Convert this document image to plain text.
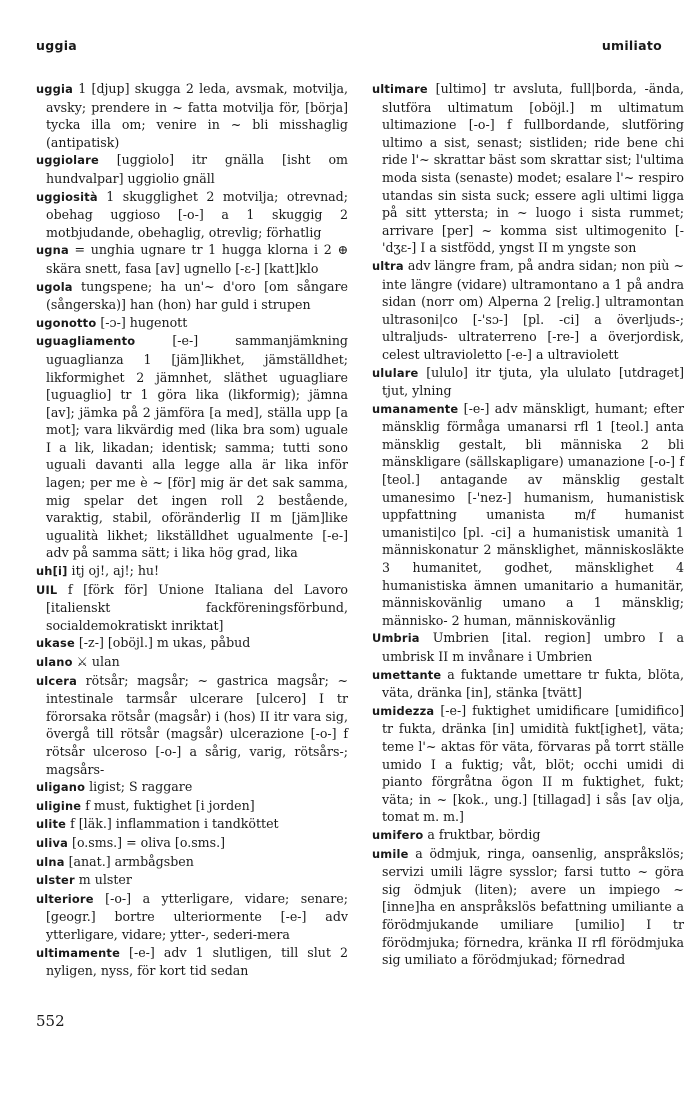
uggia	umiliato
uggia 1 [djup] skugga 2 leda, avsmak, motvilja, avsky; prendere in ~ fatta motvilja för, [börja] tycka illa om; venire in ~ bli misshaglig (antipatisk)
uggiolare [uggiolo] itr gnälla [isht om hundvalpar] uggiolio gnäll
uggiosità 1 skugglighet 2 motvilja; otrevnad; obehag uggioso [-o-] a 1 skuggig 2 motbjudande, obehaglig, otrevlig; förhatlig
ugna = unghia ugnare tr 1 hugga klorna i 2 ⊕ skära snett, fasa [av] ugnello [-ɛ-] [katt]klo
ugola tungspene; ha un'~ d'oro [om sångare (sångerska)] han (hon) har guld i strupen
ugonotto [-ɔ-] hugenott
uguagliamento [-e-] sammanjämkning uguaglianza 1 [jäm]likhet, jämställdhet; likformighet 2 jämnhet, släthet uguagliare [uguaglio] tr 1 göra lika (likformig); jämna [av]; jämka på 2 jämföra [a med], ställa upp [a mot]; vara likvärdig med (lika bra som) uguale I a lik, likadan; identisk; samma; tutti sono uguali davanti alla legge alla är lika inför lagen; per me è ~ [för] mig är det sak samma, mig spelar det ingen roll 2 bestående, varaktig, stabil, oföränderlig II m [jäm]like ugualità likhet; likställdhet ugualmente [-e-] adv på samma sätt; i lika hög grad, lika
uh[i] itj oj!, aj!; hu!
UIL f [förk för] Unione Italiana del Lavoro [italienskt fackföreningsförbund, socialdemokratiskt inriktat]
ukase [-z-] [oböjl.] m ukas, påbud
ulano ⚔ ulan
ulcera rötsår; magsår; ~ gastrica magsår; ~ intestinale tarmsår ulcerare [ulcero] I tr förorsaka rötsår (magsår) i (hos) II itr vara sig, övergå till rötsår (magsår) ulcerazione [-o-] f rötsår ulceroso [-o-] a sårig, varig, rötsårs-; magsårs-
uligano ligist; S raggare
uligine f must, fuktighet [i jorden]
ulite f [läk.] inflammation i tandköttet
uliva [o.sms.] = oliva [o.sms.]
ulna [anat.] armbågsben
ulster m ulster
ulteriore [-o-] a ytterligare, vidare; senare; [geogr.] bortre ulteriormente [-e-] adv ytterligare, vidare; ytter-, sederi-mera
ultimamente [-e-] adv 1 slutligen, till slut 2 nyligen, nyss, för kort tid sedan
ultimare [ultimo] tr avsluta, full|borda, -ända, slutföra ultimatum [oböjl.] m ultimatum ultimazione [-o-] f fullbordande, slutföring ultimo a sist, senast; sistliden; ride bene chi ride l'~ skrattar bäst som skrattar sist; l'ultima moda sista (senaste) modet; esalare l'~ respiro utandas sin sista suck; essere agli ultimi ligga på sitt yttersta; in ~ luogo i sista rummet; arrivare [per] ~ komma sist ultimogenito [-'dʒɛ-] I a sistfödd, yngst II m yngste son
ultra adv längre fram, på andra sidan; non più ~ inte längre (vidare) ultramontano a 1 på andra sidan (norr om) Alperna 2 [relig.] ultramontan ultrasoni|co [-'sɔ-] [pl. -ci] a överljuds-; ultraljuds- ultraterreno [-re-] a överjordisk, celest ultravioletto [-e-] a ultraviolett
ululare [ululo] itr tjuta, yla ululato [utdraget] tjut, ylning
umanamente [-e-] adv mänskligt, humant; efter mänsklig förmåga umanarsi rfl 1 [teol.] anta mänsklig gestalt, bli människa 2 bli mänskligare (sällskapligare) umanazione [-o-] f [teol.] antagande av mänsklig gestalt umanesimo [-'nez-] humanism, humanistisk uppfattning umanista m/f humanist umanisti|co [pl. -ci] a humanistisk umanità 1 människonatur 2 mänsklighet, människosläkte 3 humanitet, godhet, mänsklighet 4 humanistiska ämnen umanitario a humanitär, människovänlig umano a 1 mänsklig; människo- 2 human, människovänlig
Umbria Umbrien [ital. region] umbro I a umbrisk II m invånare i Umbrien
umettante a fuktande umettare tr fukta, blöta, väta, dränka [in], stänka [tvätt]
umidezza [-e-] fuktighet umidificare [umidifico] tr fukta, dränka [in] umidità fukt[ighet], väta; teme l'~ aktas för väta, förvaras på torrt ställe umido I a fuktig; våt, blöt; occhi umidi di pianto förgråtna ögon II m fuktighet, fukt; väta; in ~ [kok., ung.] [tillagad] i sås [av olja, tomat m. m.]
umifero a fruktbar, bördig
umile a ödmjuk, ringa, oansenlig, anspråkslös; servizi umili lägre sysslor; farsi tutto ~ göra sig ödmjuk (liten); avere un impiego ~ [inne]ha en anspråkslös befattning umiliante a förödmjukande umiliare [umilio] I tr förödmjuka; förnedra, kränka II rfl förödmjuka sig umiliato a förödmjukad; förnedrad
552
